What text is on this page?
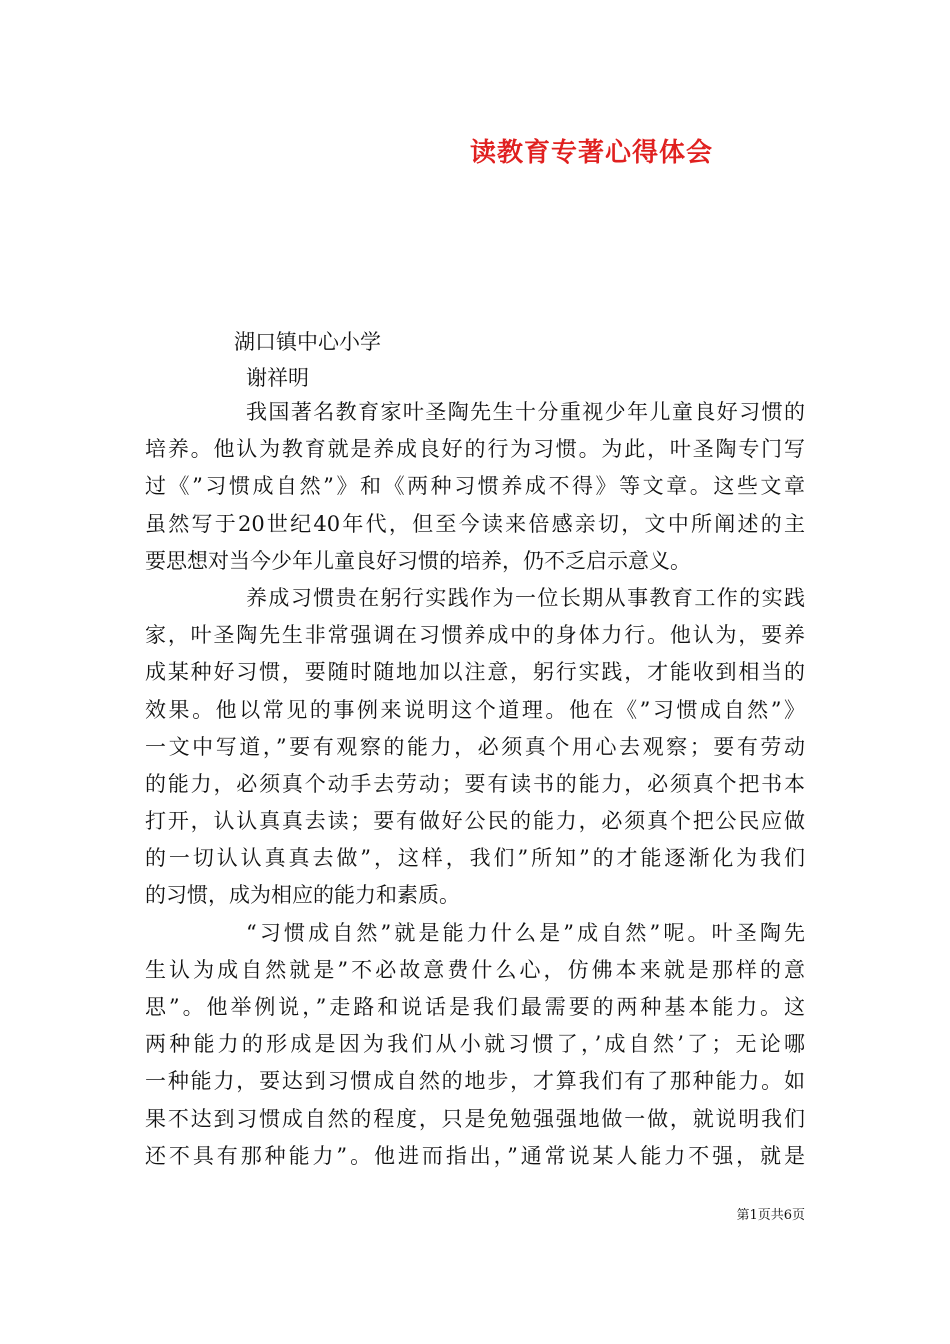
读教育专著心得体会
湖口镇中心小学
谢祥明
我国著名教育家叶圣陶先生十分重视少年儿童良好习惯的
培养。他认为教育就是养成良好的行为习惯。为此，叶圣陶专门写
过《”习惯成自然”》和《两种习惯养成不得》等文章。这些文章
虽然写于20世纪40年代，但至今读来倍感亲切，文中所阐述的主
要思想对当今少年儿童良好习惯的培养，仍不乏启示意义。
养成习惯贵在躬行实践作为一位长期从事教育工作的实践
家，叶圣陶先生非常强调在习惯养成中的身体力行。他认为，要养
成某种好习惯，要随时随地加以注意，躬行实践，才能收到相当的
效果。他以常见的事例来说明这个道理。他在《”习惯成自然”》
一文中写道，”要有观察的能力，必须真个用心去观察；要有劳动
的能力，必须真个动手去劳动；要有读书的能力，必须真个把书本
打开，认认真真去读；要有做好公民的能力，必须真个把公民应做
的一切认认真真去做”，这样，我们”所知”的才能逐渐化为我们
的习惯，成为相应的能力和素质。
“习惯成自然”就是能力什么是”成自然”呢。叶圣陶先
生认为成自然就是”不必故意费什么心，仿佛本来就是那样的意
思”。他举例说，”走路和说话是我们最需要的两种基本能力。这
两种能力的形成是因为我们从小就习惯了，’成自然’了；无论哪
一种能力，要达到习惯成自然的地步，才算我们有了那种能力。如
果不达到习惯成自然的程度，只是免勉强强地做一做，就说明我们
还不具有那种能力”。他进而指出，”通常说某人能力不强，就是
第1页共6页
